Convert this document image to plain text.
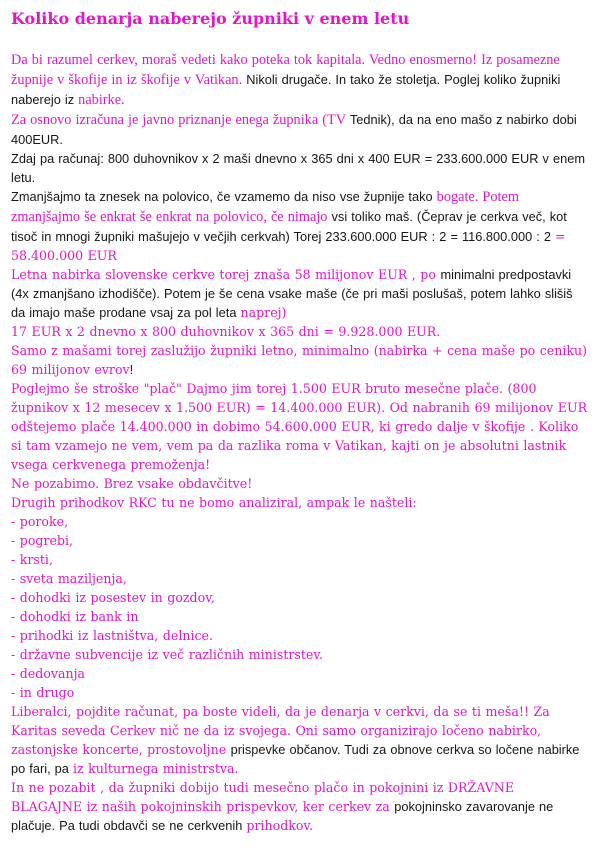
Koliko denarja naberejo župniki v enem letu
Da bi razumel cerkev, moraš vedeti kako poteka tok kapitala. Vedno enosmerno! Iz posamezne župnije v škofije in iz škofije v Vatikan. Nikoli drugače. In tako že stoletja. Poglej koliko župniki naberejo iz nabirke.
Za osnovo izračuna je javno priznanje enega župnika (TV Tednik), da na eno mašo z nabirko dobi 400EUR.
Zdaj pa računaj: 800 duhovnikov x 2 maši dnevno x 365 dni x 400 EUR = 233.600.000 EUR v enem letu.
Zmanjšajmo ta znesek na polovico, če vzamemo da niso vse župnije tako bogate. Potem zmanjšajmo še enkrat še enkrat na polovico, če nimajo vsi toliko maš. (Čeprav je cerkva več, kot tisoč in mnogi župniki mašujejo v večjih cerkvah) Torej 233.600.000 EUR : 2 = 116.800.000 : 2 = 58.400.000 EUR
Letna nabirka slovenske cerkve torej znaša 58 milijonov EUR , po minimalni predpostavki (4x zmanjšano izhodišče). Potem je še cena vsake maše (če pri maši poslušaš, potem lahko slišiš da imajo maše prodane vsaj za pol leta naprej)
17 EUR x 2 dnevno x 800 duhovnikov x 365 dni = 9.928.000 EUR.
Samo z mašami torej zaslužijo župniki letno, minimalno (nabirka + cena maše po ceniku) 69 milijonov evrov!
Poglejmo še stroške "plač" Dajmo jim torej 1.500 EUR bruto mesečne plače. (800 župnikov x 12 mesecev x 1.500 EUR) = 14.400.000 EUR). Od nabranih 69 milijonov EUR odštejemo plače 14.400.000 in dobimo 54.600.000 EUR, ki gredo dalje v škofije . Koliko si tam vzamejo ne vem, vem pa da razlika roma v Vatikan, kajti on je absolutni lastnik vsega cerkvenega premoženja!
Ne pozabimo. Brez vsake obdavčitve!
Drugih prihodkov RKC tu ne bomo analiziral, ampak le našteli:
- poroke,
- pogrebi,
- krsti,
- sveta maziljenja,
- dohodki iz posestev in gozdov,
- dohodki iz bank in
- prihodki iz lastništva, delnice.
- državne subvencije iz več različnih ministrstev.
- dedovanja
- in drugo
Liberalci, pojdite računat, pa boste videli, da je denarja v cerkvi, da se ti meša!! Za Karitas seveda Cerkev nič ne da iz svojega. Oni samo organizirajo ločeno nabirko, zastonjske koncerte, prostovoljne prispevke občanov. Tudi za obnove cerkva so ločene nabirke po fari, pa iz kulturnega ministrstva.
In ne pozabit , da župniki dobijo tudi mesečno plačo in pokojnini iz DRŽAVNE BLAGAJNE iz naših pokojninskih prispevkov, ker cerkev za pokojninsko zavarovanje ne plačuje. Pa tudi obdavči se ne cerkvenih prihodkov.
